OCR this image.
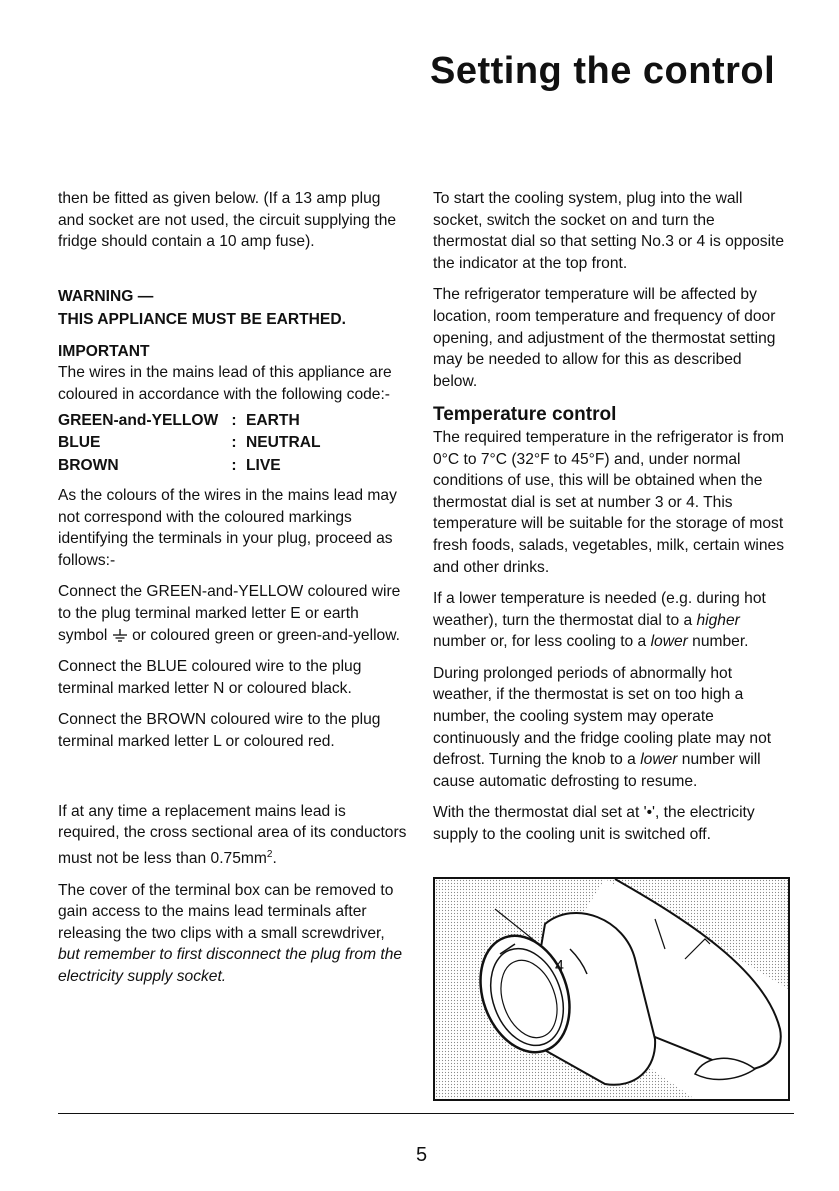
Setting the control

then be fitted as given below. (If a 13 amp plug and socket are not used, the circuit supplying the fridge should contain a 10 amp fuse).

WARNING —
THIS APPLIANCE MUST BE EARTHED.
IMPORTANT

The wires in the mains lead of this appliance are coloured in accordance with the following code:-

GREEN-and-YELLOW	:	EARTH
BLUE	:	NEUTRAL
BROWN	:	LIVE

As the colours of the wires in the mains lead may not correspond with the coloured markings identifying the terminals in your plug, proceed as follows:-

Connect the GREEN-and-YELLOW coloured wire to the plug terminal marked letter E or earth symbol or coloured green or green-and-yellow.

Connect the BLUE coloured wire to the plug terminal marked letter N or coloured black.

Connect the BROWN coloured wire to the plug terminal marked letter L or coloured red.

If at any time a replacement mains lead is required, the cross sectional area of its conductors must not be less than $0.75mm^2$.

The cover of the terminal box can be removed to gain access to the mains lead terminals after releasing the two clips with a small screwdriver, but remember to first disconnect the plug from the electricity supply socket.

To start the cooling system, plug into the wall socket, switch the socket on and turn the thermostat dial so that setting No.3 or 4 is opposite the indicator at the top front.

The refrigerator temperature will be affected by location, room temperature and frequency of door opening, and adjustment of the thermostat setting may be needed to allow for this as described below.

Temperature control

The required temperature in the refrigerator is from 0°C to 7°C (32°F to 45°F) and, under normal conditions of use, this will be obtained when the thermostat dial is set at number 3 or 4. This temperature will be suitable for the storage of most fresh foods, salads, vegetables, milk, certain wines and other drinks.

If a lower temperature is needed (e.g. during hot weather), turn the thermostat dial to a higher number or, for less cooling to a lower number.

During prolonged periods of abnormally hot weather, if the thermostat is set on too high a number, the cooling system may operate continuously and the fridge cooling plate may not defrost. Turning the knob to a lower number will cause automatic defrosting to resume.

With the thermostat dial set at '•', the electricity supply to the cooling unit is switched off.

4
5
